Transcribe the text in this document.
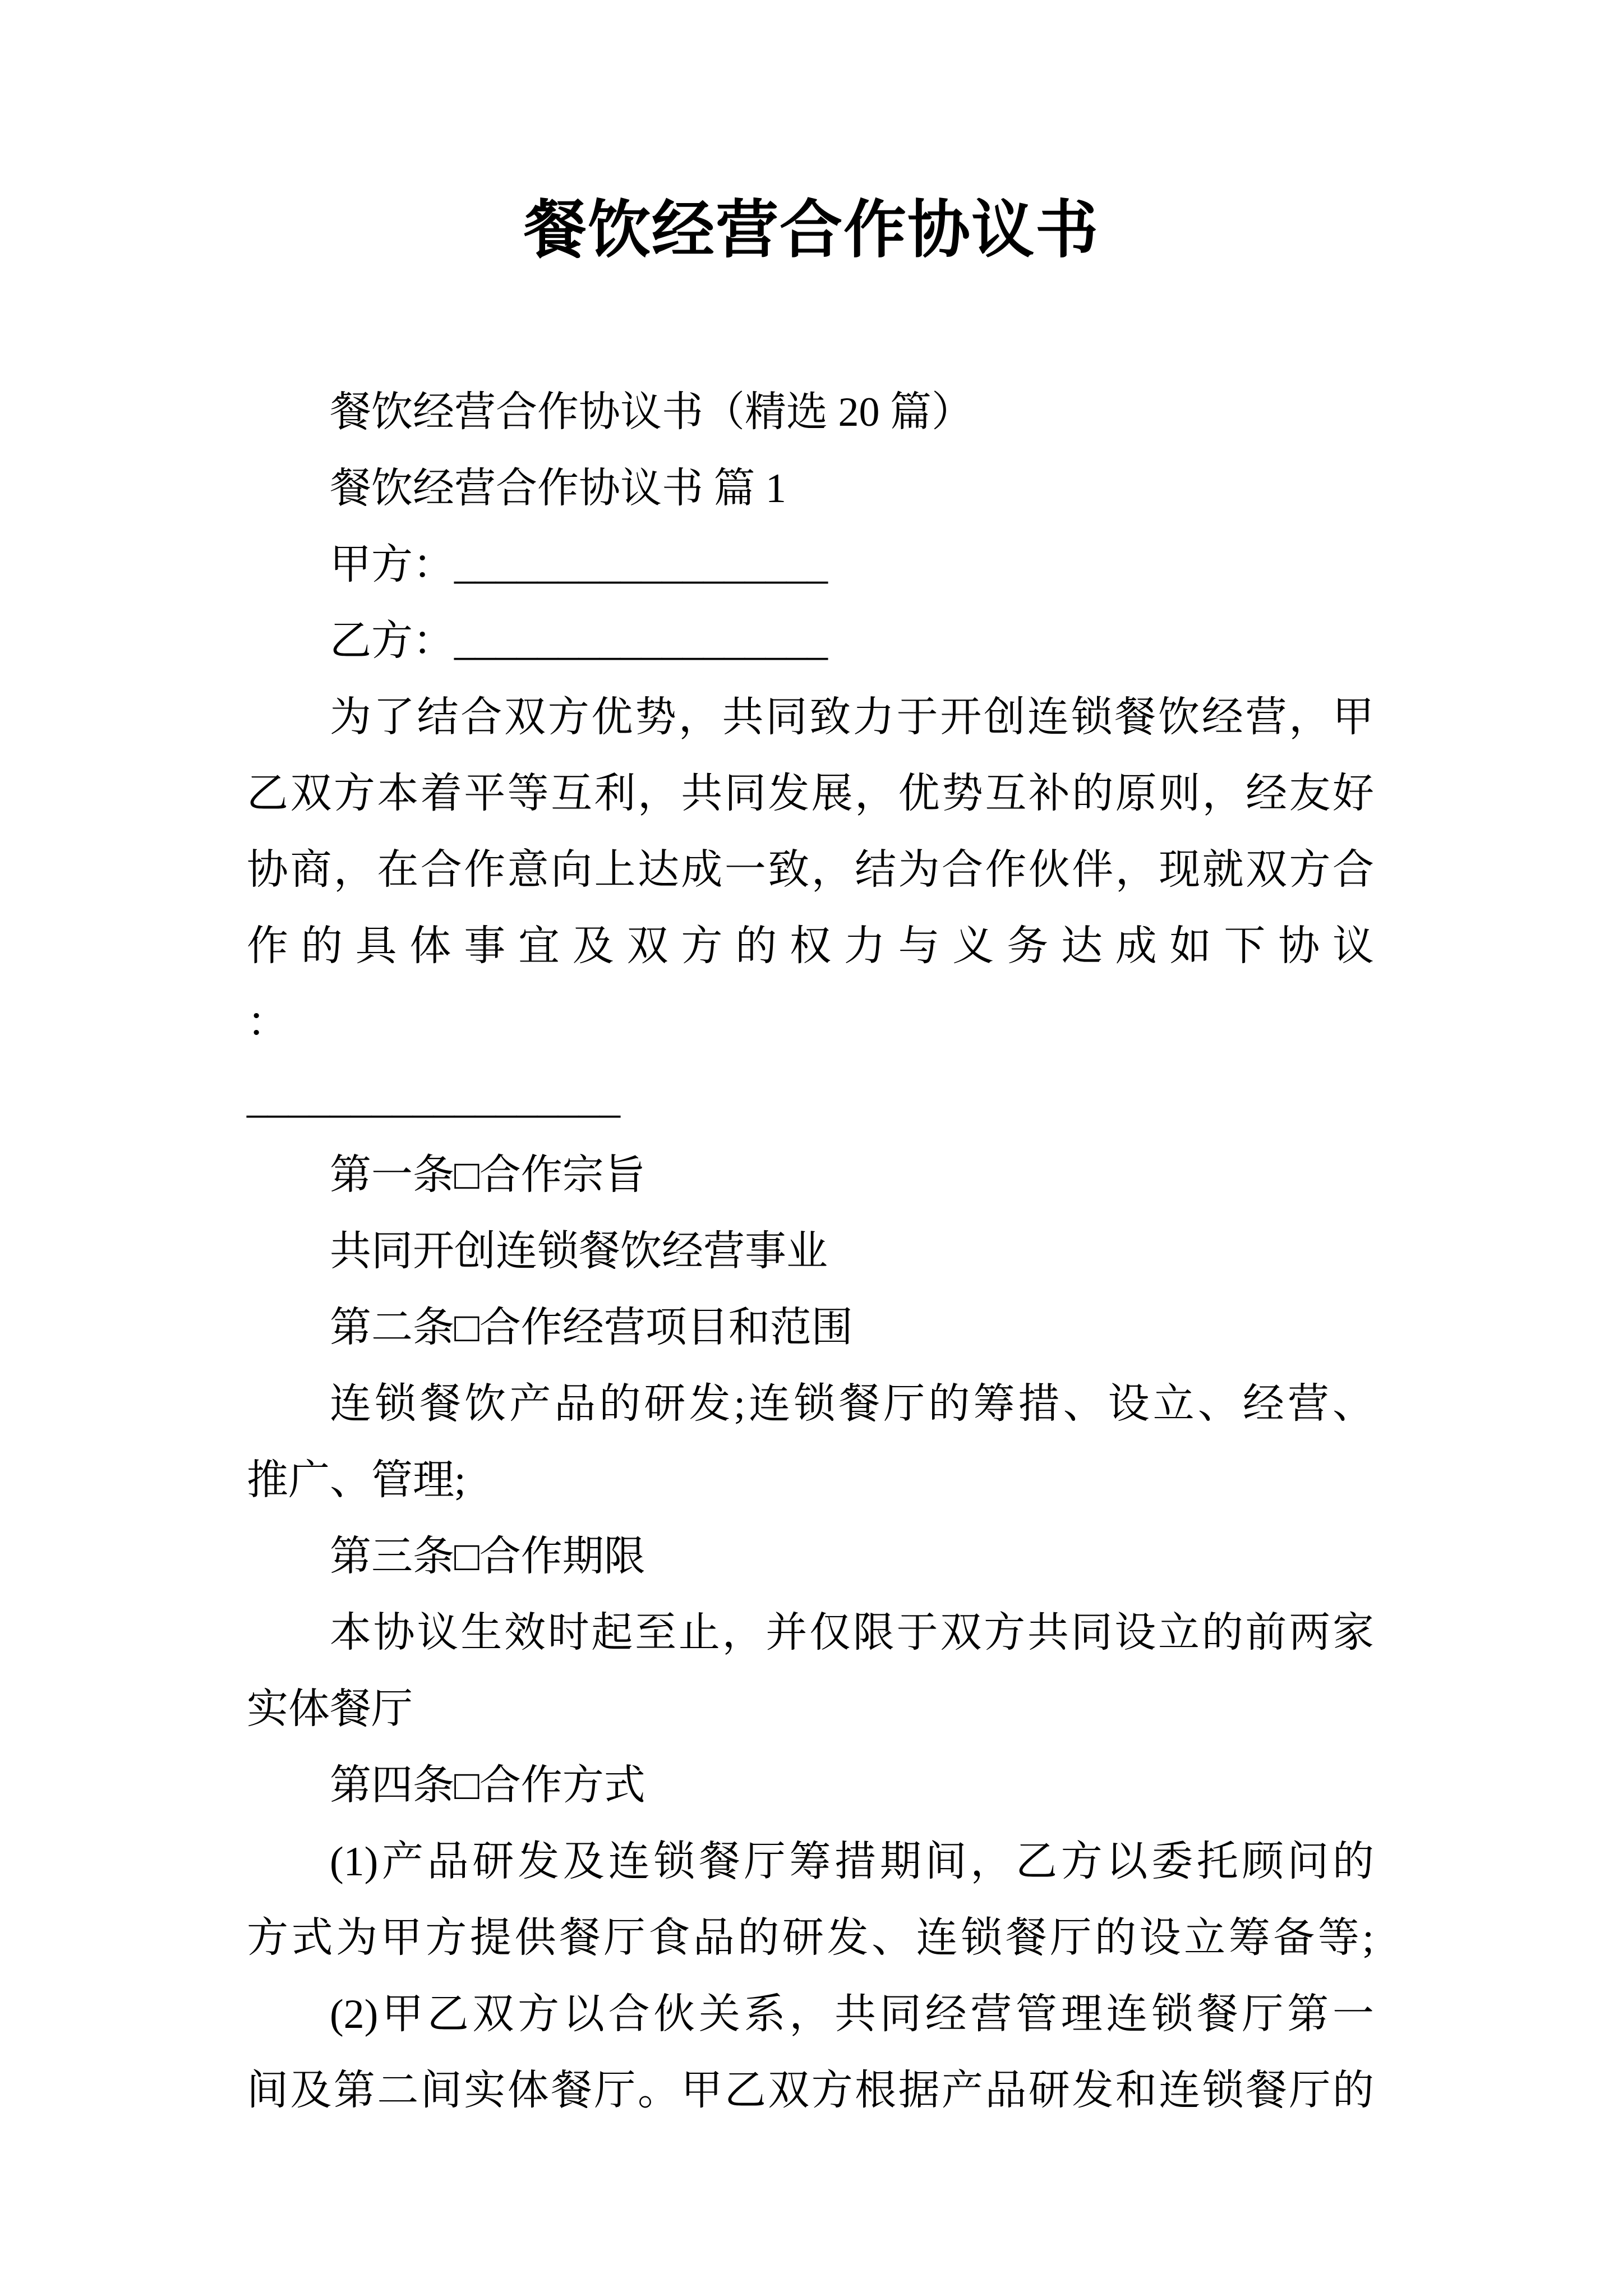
餐饮经营合作协议书
餐饮经营合作协议书（精选 20 篇）
餐饮经营合作协议书 篇 1
甲方：__________________
乙方：__________________
为了结合双方优势，共同致力于开创连锁餐饮经营，甲
乙双方本着平等互利，共同发展，优势互补的原则，经友好
协商，在合作意向上达成一致，结为合作伙伴，现就双方合
作 的 具 体 事 宜 及 双 方 的 权 力 与 义 务 达 成 如 下 协 议 ：
__________________
第一条□合作宗旨
共同开创连锁餐饮经营事业
第二条□合作经营项目和范围
连锁餐饮产品的研发;连锁餐厅的筹措、设立、经营、
推广、管理;
第三条□合作期限
本协议生效时起至止，并仅限于双方共同设立的前两家
实体餐厅
第四条□合作方式
(1)产品研发及连锁餐厅筹措期间，乙方以委托顾问的
方式为甲方提供餐厅食品的研发、连锁餐厅的设立筹备等;
(2)甲乙双方以合伙关系，共同经营管理连锁餐厅第一
间及第二间实体餐厅。甲乙双方根据产品研发和连锁餐厅的
